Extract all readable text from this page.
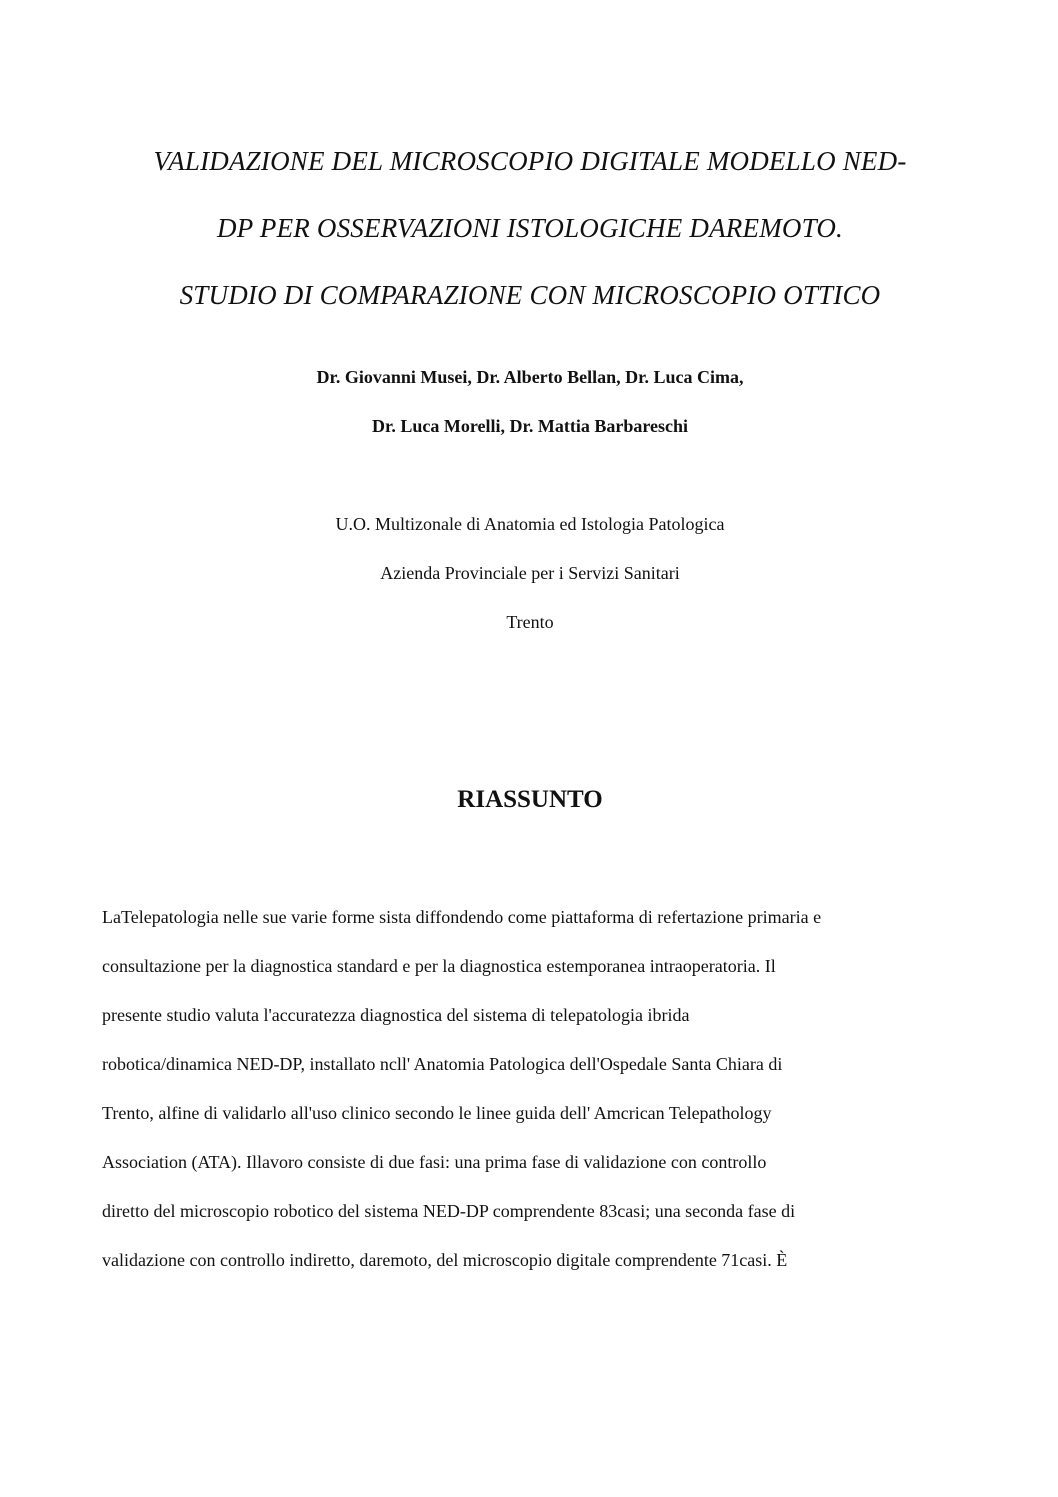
VALIDAZIONE DEL MICROSCOPIO DIGITALE MODELLO NED-
DP PER OSSERVAZIONI ISTOLOGICHE DAREMOTO.
STUDIO DI COMPARAZIONE CON MICROSCOPIO OTTICO
Dr. Giovanni Musei, Dr. Alberto Bellan, Dr. Luca Cima,
Dr. Luca Morelli, Dr. Mattia Barbareschi
U.O. Multizonale di Anatomia ed Istologia Patologica
Azienda Provinciale per i Servizi Sanitari
Trento
RIASSUNTO
LaTelepatologia nelle sue varie forme sista diffondendo come piattaforma di refertazione primaria e
consultazione per la diagnostica standard e per la diagnostica estemporanea intraoperatoria. Il
presente studio valuta l'accuratezza diagnostica del sistema di telepatologia ibrida
robotica/dinamica NED-DP, installato ncll' Anatomia Patologica dell'Ospedale Santa Chiara di
Trento, alfine di validarlo all'uso clinico secondo le linee guida dell' Amcrican Telepathology
Association (ATA). Illavoro consiste di due fasi: una prima fase di validazione con controllo
diretto del microscopio robotico del sistema NED-DP comprendente 83casi; una seconda fase di
validazione con controllo indiretto, daremoto, del microscopio digitale comprendente 71casi. È
